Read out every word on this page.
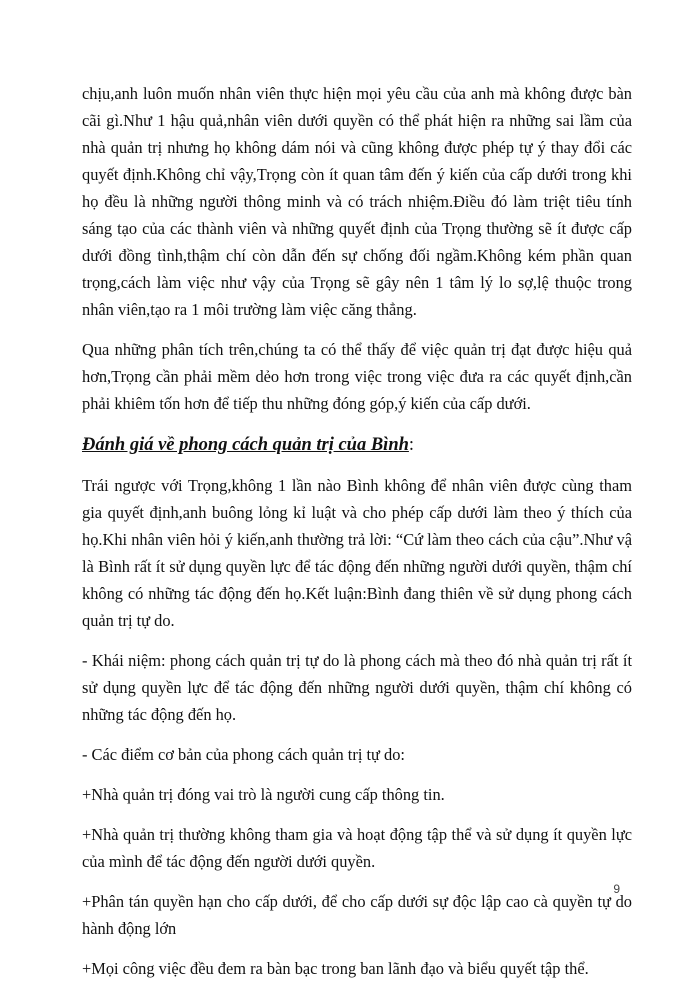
chịu,anh luôn muốn nhân viên thực hiện mọi yêu cầu của anh mà không được bàn cãi gì.Như 1 hậu quả,nhân viên dưới quyền có thể phát hiện ra những sai lầm của nhà quản trị nhưng họ không dám nói và cũng không được phép tự ý thay đổi các quyết định.Không chỉ vậy,Trọng còn ít quan tâm đến ý kiến của cấp dưới trong khi họ đều là những người thông minh và có trách nhiệm.Điều đó làm triệt tiêu tính sáng tạo của các thành viên và những quyết định của Trọng thường sẽ ít được cấp dưới đồng tình,thậm chí còn dẫn đến sự chống đối ngầm.Không kém phần quan trọng,cách làm việc như vậy của Trọng sẽ gây nên 1 tâm lý lo sợ,lệ thuộc trong nhân viên,tạo ra 1 môi trường làm việc căng thẳng.

Qua những phân tích trên,chúng ta có thể thấy để việc quản trị đạt được hiệu quả hơn,Trọng cần phải mềm dẻo hơn trong việc trong việc đưa ra các quyết định,cần phải khiêm tốn hơn để tiếp thu những đóng góp,ý kiến của cấp dưới.

Đánh giá về phong cách quản trị của Bình:

Trái ngược với Trọng,không 1 lần nào Bình không để nhân viên được cùng tham gia quyết định,anh buông lỏng kỉ luật và cho phép cấp dưới làm theo ý thích của họ.Khi nhân viên hỏi ý kiến,anh thường trả lời: “Cứ làm theo cách của cậu”.Như vậ là Bình rất ít sử dụng quyền lực để tác động đến những người dưới quyền, thậm chí không có những tác động đến họ.Kết luận:Bình đang thiên về sử dụng phong cách quản trị tự do.

- Khái niệm: phong cách quản trị tự do là phong cách mà theo đó nhà quản trị rất ít sử dụng quyền lực để tác động đến những người dưới quyền, thậm chí không có những tác động đến họ.

- Các điểm cơ bản của phong cách quản trị tự do:

+Nhà quản trị đóng vai trò là người cung cấp thông tin.

+Nhà quản trị thường không tham gia và hoạt động tập thể và sử dụng ít quyền lực của mình để tác động đến người dưới quyền.

+Phân tán quyền hạn cho cấp dưới, để cho cấp dưới sự độc lập cao cà quyền tự do hành động lớn

+Mọi công việc đều đem ra bàn bạc trong ban lãnh đạo và biểu quyết tập thể.

9
